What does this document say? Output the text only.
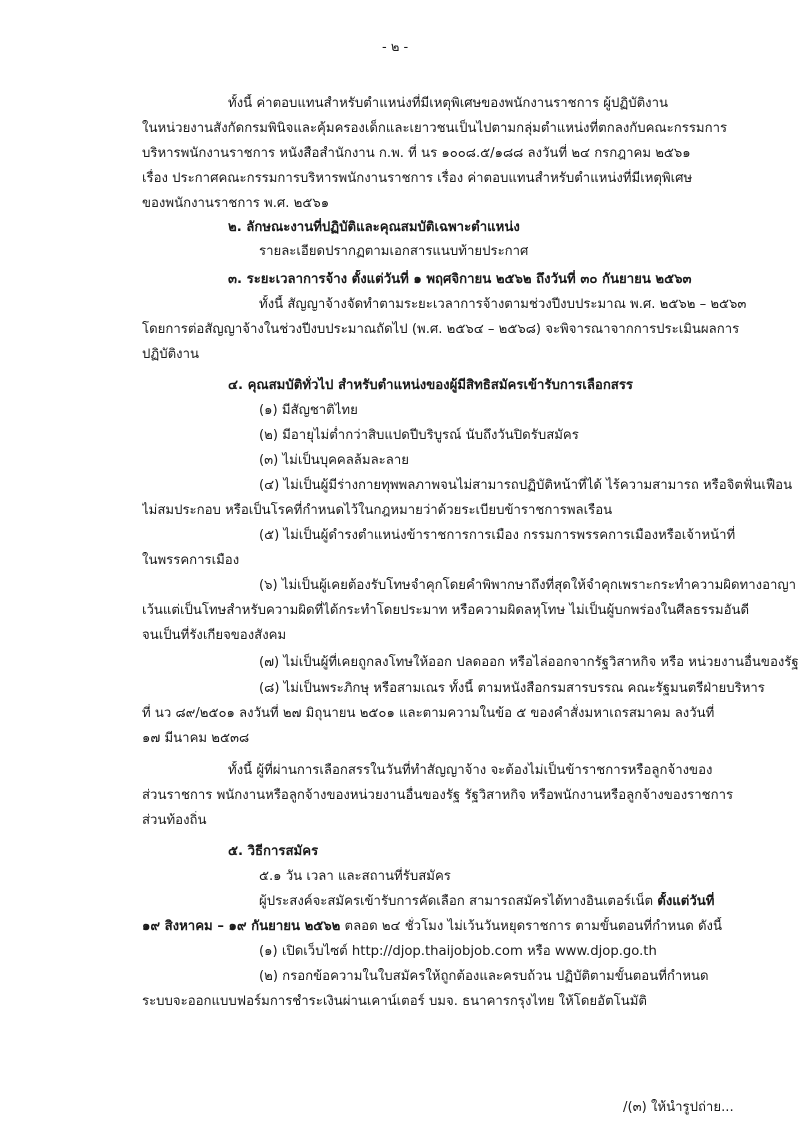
- ๒ -
ทั้งนี้ ค่าตอบแทนสำหรับตำแหน่งที่มีเหตุพิเศษของพนักงานราชการ ผู้ปฏิบัติงาน
ในหน่วยงานสังกัดกรมพินิจและคุ้มครองเด็กและเยาวชนเป็นไปตามกลุ่มตำแหน่งที่ตกลงกับคณะกรรมการ
บริหารพนักงานราชการ หนังสือสำนักงาน ก.พ. ที่ นร ๑๐๐๘.๕/๑๘๘ ลงวันที่ ๒๔ กรกฎาคม ๒๕๖๑
เรื่อง ประกาศคณะกรรมการบริหารพนักงานราชการ เรื่อง ค่าตอบแทนสำหรับตำแหน่งที่มีเหตุพิเศษ
ของพนักงานราชการ พ.ศ. ๒๕๖๑
๒. ลักษณะงานที่ปฏิบัติและคุณสมบัติเฉพาะตำแหน่ง
รายละเอียดปรากฏตามเอกสารแนบท้ายประกาศ
๓. ระยะเวลาการจ้าง ตั้งแต่วันที่ ๑ พฤศจิกายน ๒๕๖๒ ถึงวันที่ ๓๐ กันยายน ๒๕๖๓
ทั้งนี้ สัญญาจ้างจัดทำตามระยะเวลาการจ้างตามช่วงปีงบประมาณ พ.ศ. ๒๕๖๒ – ๒๕๖๓
โดยการต่อสัญญาจ้างในช่วงปีงบประมาณถัดไป (พ.ศ. ๒๕๖๔ – ๒๕๖๘) จะพิจารณาจากการประเมินผลการ
ปฏิบัติงาน
๔. คุณสมบัติทั่วไป สำหรับตำแหน่งของผู้มีสิทธิสมัครเข้ารับการเลือกสรร
(๑) มีสัญชาติไทย
(๒) มีอายุไม่ต่ำกว่าสิบแปดปีบริบูรณ์ นับถึงวันปิดรับสมัคร
(๓) ไม่เป็นบุคคลล้มละลาย
(๔) ไม่เป็นผู้มีร่างกายทุพพลภาพจนไม่สามารถปฏิบัติหน้าที่ได้ ไร้ความสามารถ หรือจิตฟั่นเฟือน
ไม่สมประกอบ หรือเป็นโรคที่กำหนดไว้ในกฎหมายว่าด้วยระเบียบข้าราชการพลเรือน
(๕) ไม่เป็นผู้ดำรงตำแหน่งข้าราชการการเมือง กรรมการพรรคการเมืองหรือเจ้าหน้าที่
ในพรรคการเมือง
(๖) ไม่เป็นผู้เคยต้องรับโทษจำคุกโดยคำพิพากษาถึงที่สุดให้จำคุกเพราะกระทำความผิดทางอาญา
เว้นแต่เป็นโทษสำหรับความผิดที่ได้กระทำโดยประมาท หรือความผิดลหุโทษ ไม่เป็นผู้บกพร่องในศีลธรรมอันดี
จนเป็นที่รังเกียจของสังคม
(๗) ไม่เป็นผู้ที่เคยถูกลงโทษให้ออก ปลดออก หรือไล่ออกจากรัฐวิสาหกิจ หรือ หน่วยงานอื่นของรัฐ
(๘) ไม่เป็นพระภิกษุ หรือสามเณร ทั้งนี้ ตามหนังสือกรมสารบรรณ คณะรัฐมนตรีฝ่ายบริหาร
ที่ นว ๘๙/๒๕๐๑ ลงวันที่ ๒๗ มิถุนายน ๒๕๐๑ และตามความในข้อ ๕ ของคำสั่งมหาเถรสมาคม ลงวันที่
๑๗ มีนาคม ๒๕๓๘
ทั้งนี้ ผู้ที่ผ่านการเลือกสรรในวันที่ทำสัญญาจ้าง จะต้องไม่เป็นข้าราชการหรือลูกจ้างของ
ส่วนราชการ พนักงานหรือลูกจ้างของหน่วยงานอื่นของรัฐ รัฐวิสาหกิจ หรือพนักงานหรือลูกจ้างของราชการ
ส่วนท้องถิ่น
๕. วิธีการสมัคร
๕.๑ วัน เวลา และสถานที่รับสมัคร
ผู้ประสงค์จะสมัครเข้ารับการคัดเลือก สามารถสมัครได้ทางอินเตอร์เน็ต ตั้งแต่วันที่
๑๙ สิงหาคม – ๑๙ กันยายน ๒๕๖๒ ตลอด ๒๔ ชั่วโมง ไม่เว้นวันหยุดราชการ ตามขั้นตอนที่กำหนด ดังนี้
(๑) เปิดเว็บไซต์ http://djop.thaijobjob.com หรือ www.djop.go.th
(๒) กรอกข้อความในใบสมัครให้ถูกต้องและครบถ้วน ปฏิบัติตามขั้นตอนที่กำหนด
ระบบจะออกแบบฟอร์มการชำระเงินผ่านเคาน์เตอร์ บมจ. ธนาคารกรุงไทย ให้โดยอัตโนมัติ
/(๓) ให้นำรูปถ่าย...
